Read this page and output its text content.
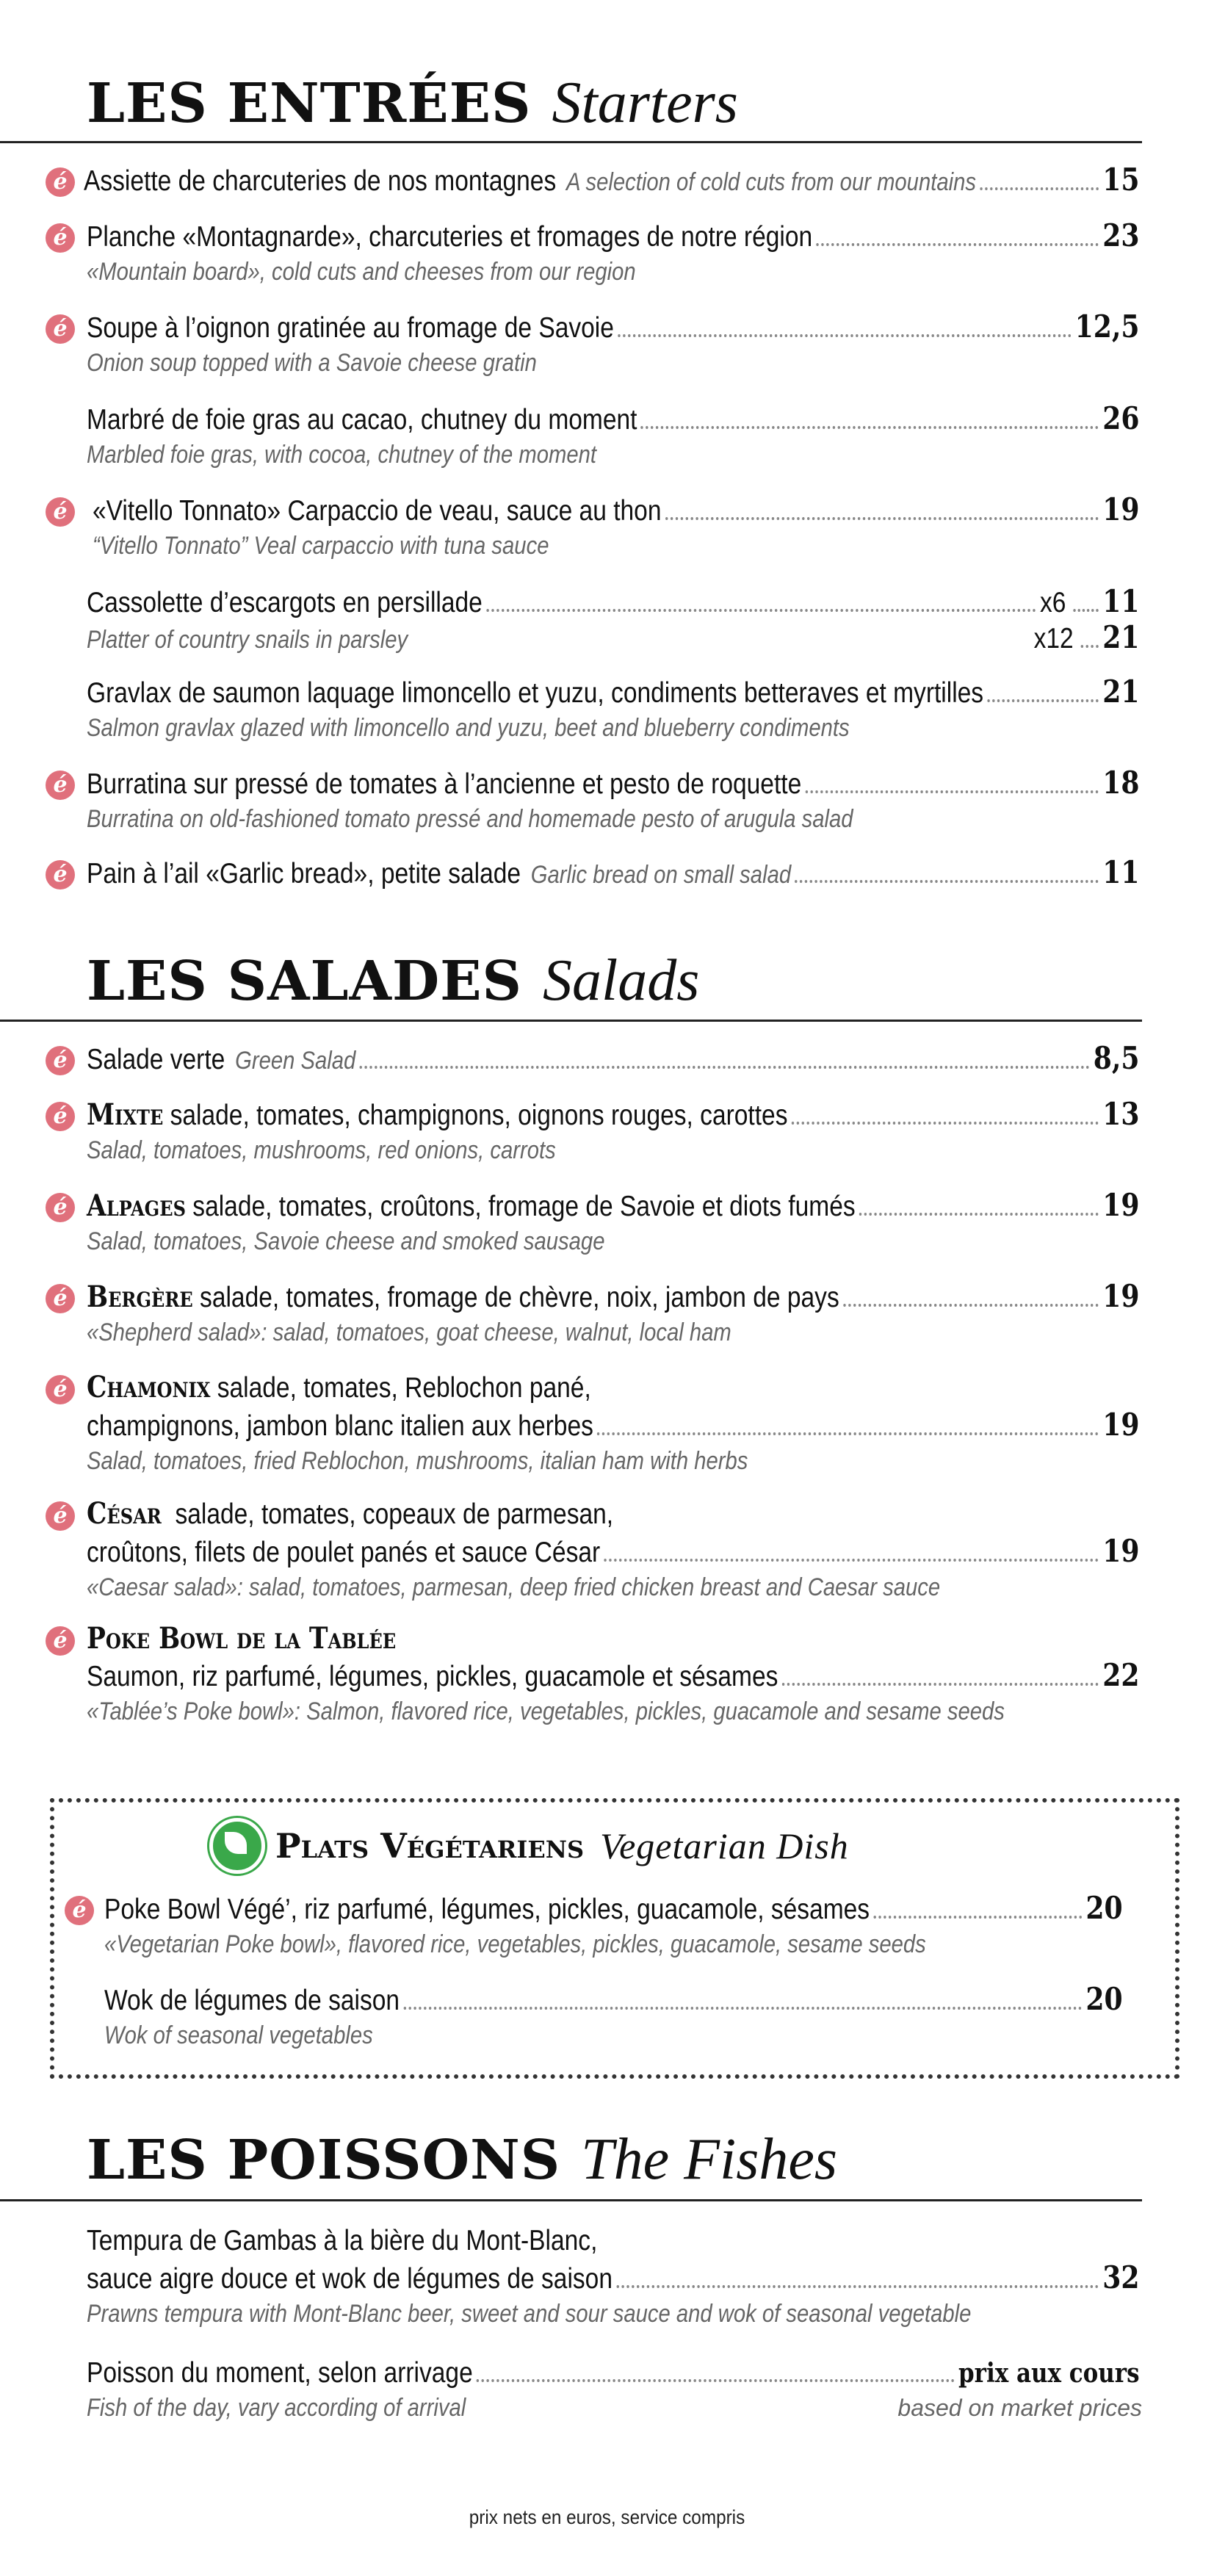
LES ENTRÉES Starters
é Assiette de charcuteries de nos montagnes A selection of cold cuts from our mountains	15
é Planche «Montagnarde», charcuteries et fromages de notre région	23
«Mountain board», cold cuts and cheeses from our region
é Soupe à l’oignon gratinée au fromage de Savoie	12,5
Onion soup topped with a Savoie cheese gratin
Marbré de foie gras au cacao, chutney du moment	26
Marbled foie gras, with cocoa, chutney of the moment
é «Vitello Tonnato» Carpaccio de veau, sauce au thon	19
“Vitello Tonnato” Veal carpaccio with tuna sauce
Cassolette d’escargots en persillade	x6 11
Platter of country snails in parsley	x12 21
Gravlax de saumon laquage limoncello et yuzu, condiments betteraves et myrtilles	21
Salmon gravlax glazed with limoncello and yuzu, beet and blueberry condiments
é Burratina sur pressé de tomates à l’ancienne et pesto de roquette	18
Burratina on old-fashioned tomato pressé and homemade pesto of arugula salad
é Pain à l’ail «Garlic bread», petite salade Garlic bread on small salad	11
LES SALADES Salads
é Salade verte Green Salad	8,5
é Mixte salade, tomates, champignons, oignons rouges, carottes	13
Salad, tomatoes, mushrooms, red onions, carrots
é Alpages salade, tomates, croûtons, fromage de Savoie et diots fumés	19
Salad, tomatoes, Savoie cheese and smoked sausage
é Bergère salade, tomates, fromage de chèvre, noix, jambon de pays	19
«Shepherd salad»: salad, tomatoes, goat cheese, walnut, local ham
é Chamonix salade, tomates, Reblochon pané,
champignons, jambon blanc italien aux herbes	19
Salad, tomatoes, fried Reblochon, mushrooms, italian ham with herbs
é César salade, tomates, copeaux de parmesan,
croûtons, filets de poulet panés et sauce César	19
«Caesar salad»: salad, tomatoes, parmesan, deep fried chicken breast and Caesar sauce
é Poke Bowl de la Tablée
Saumon, riz parfumé, légumes, pickles, guacamole et sésames	22
«Tablée’s Poke bowl»: Salmon, flavored rice, vegetables, pickles, guacamole and sesame seeds
Plats Végétariens Vegetarian Dish
é Poke Bowl Végé’, riz parfumé, légumes, pickles, guacamole, sésames	20
«Vegetarian Poke bowl», flavored rice, vegetables, pickles, guacamole, sesame seeds
Wok de légumes de saison	20
Wok of seasonal vegetables
LES POISSONS The Fishes
Tempura de Gambas à la bière du Mont-Blanc,
sauce aigre douce et wok de légumes de saison	32
Prawns tempura with Mont-Blanc beer, sweet and sour sauce and wok of seasonal vegetable
Poisson du moment, selon arrivage	prix aux cours
Fish of the day, vary according of arrival	based on market prices
prix nets en euros, service compris
